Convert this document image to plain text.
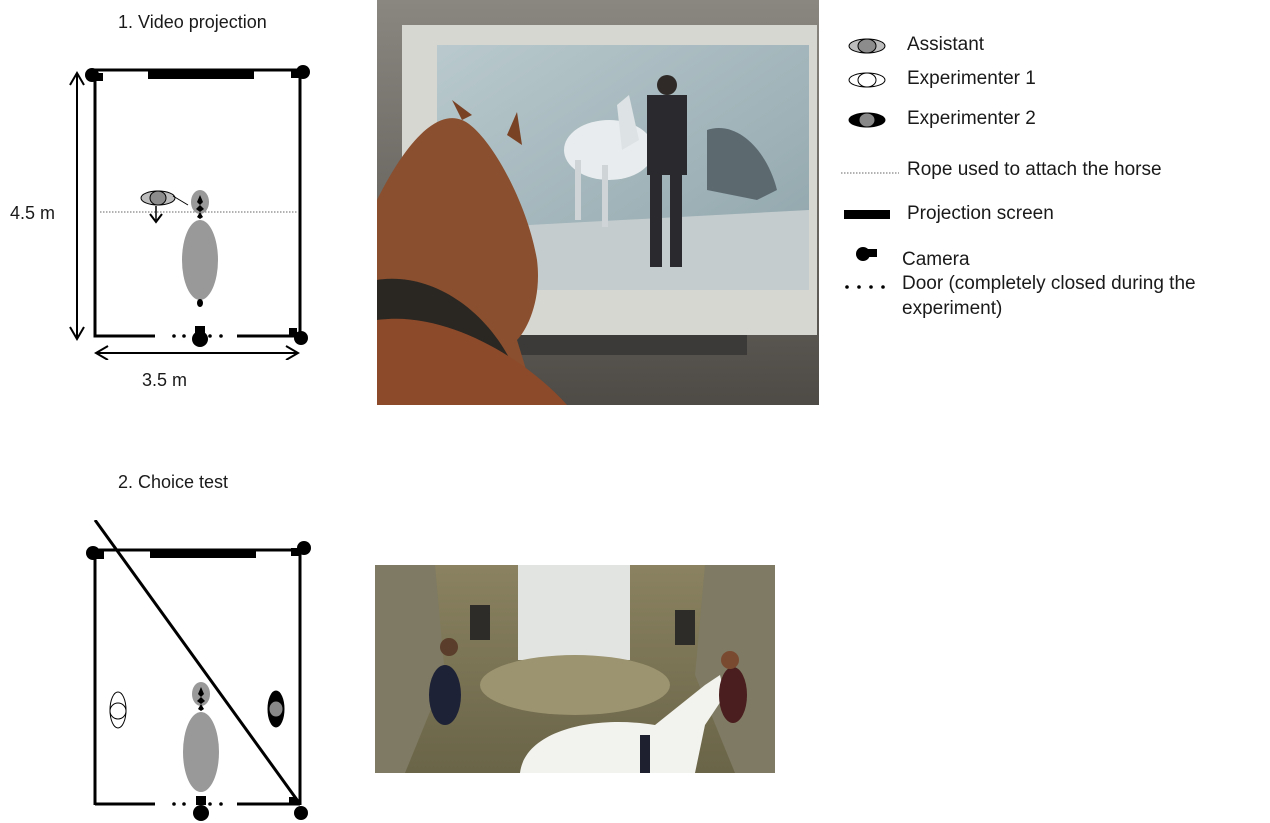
1. Video projection
4.5 m
3.5 m
Assistant
Experimenter 1
Experimenter 2
Rope used to attach the horse
Projection screen
Camera
Door (completely closed during the
experiment)
2. Choice test
